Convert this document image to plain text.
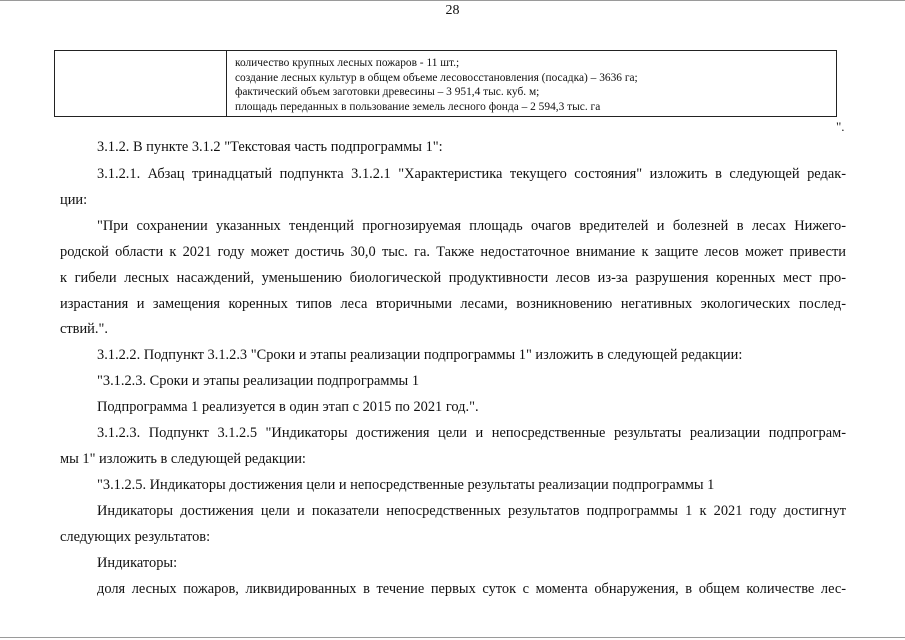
28
количество крупных лесных пожаров - 11 шт.;
создание лесных культур в общем объеме лесовосстановления (посадка) – 3636 га;
фактический объем заготовки древесины – 3 951,4 тыс. куб. м;
площадь переданных в пользование земель лесного фонда – 2 594,3 тыс. га
".
3.1.2. В пункте 3.1.2 "Текстовая часть подпрограммы 1":
3.1.2.1. Абзац тринадцатый подпункта 3.1.2.1 "Характеристика текущего состояния" изложить в следующей редак-
ции:
"При сохранении указанных тенденций прогнозируемая площадь очагов вредителей и болезней в лесах Нижего-
родской области к 2021 году может достичь 30,0 тыс. га. Также недостаточное внимание к защите лесов может привести
к гибели лесных насаждений, уменьшению биологической продуктивности лесов из-за разрушения коренных мест про-
израстания и замещения коренных типов леса вторичными лесами, возникновению негативных экологических послед-
ствий.".
3.1.2.2. Подпункт 3.1.2.3 "Сроки и этапы реализации подпрограммы 1" изложить в следующей редакции:
"3.1.2.3. Сроки и этапы реализации подпрограммы 1
Подпрограмма 1 реализуется в один этап с 2015 по 2021 год.".
3.1.2.3. Подпункт 3.1.2.5 "Индикаторы достижения цели и непосредственные результаты реализации подпрограм-
мы 1" изложить в следующей редакции:
"3.1.2.5. Индикаторы достижения цели и непосредственные результаты реализации подпрограммы 1
Индикаторы достижения цели и показатели непосредственных результатов подпрограммы 1 к 2021 году достигнут
следующих результатов:
Индикаторы:
доля лесных пожаров, ликвидированных в течение первых суток с момента обнаружения, в общем количестве лес-
